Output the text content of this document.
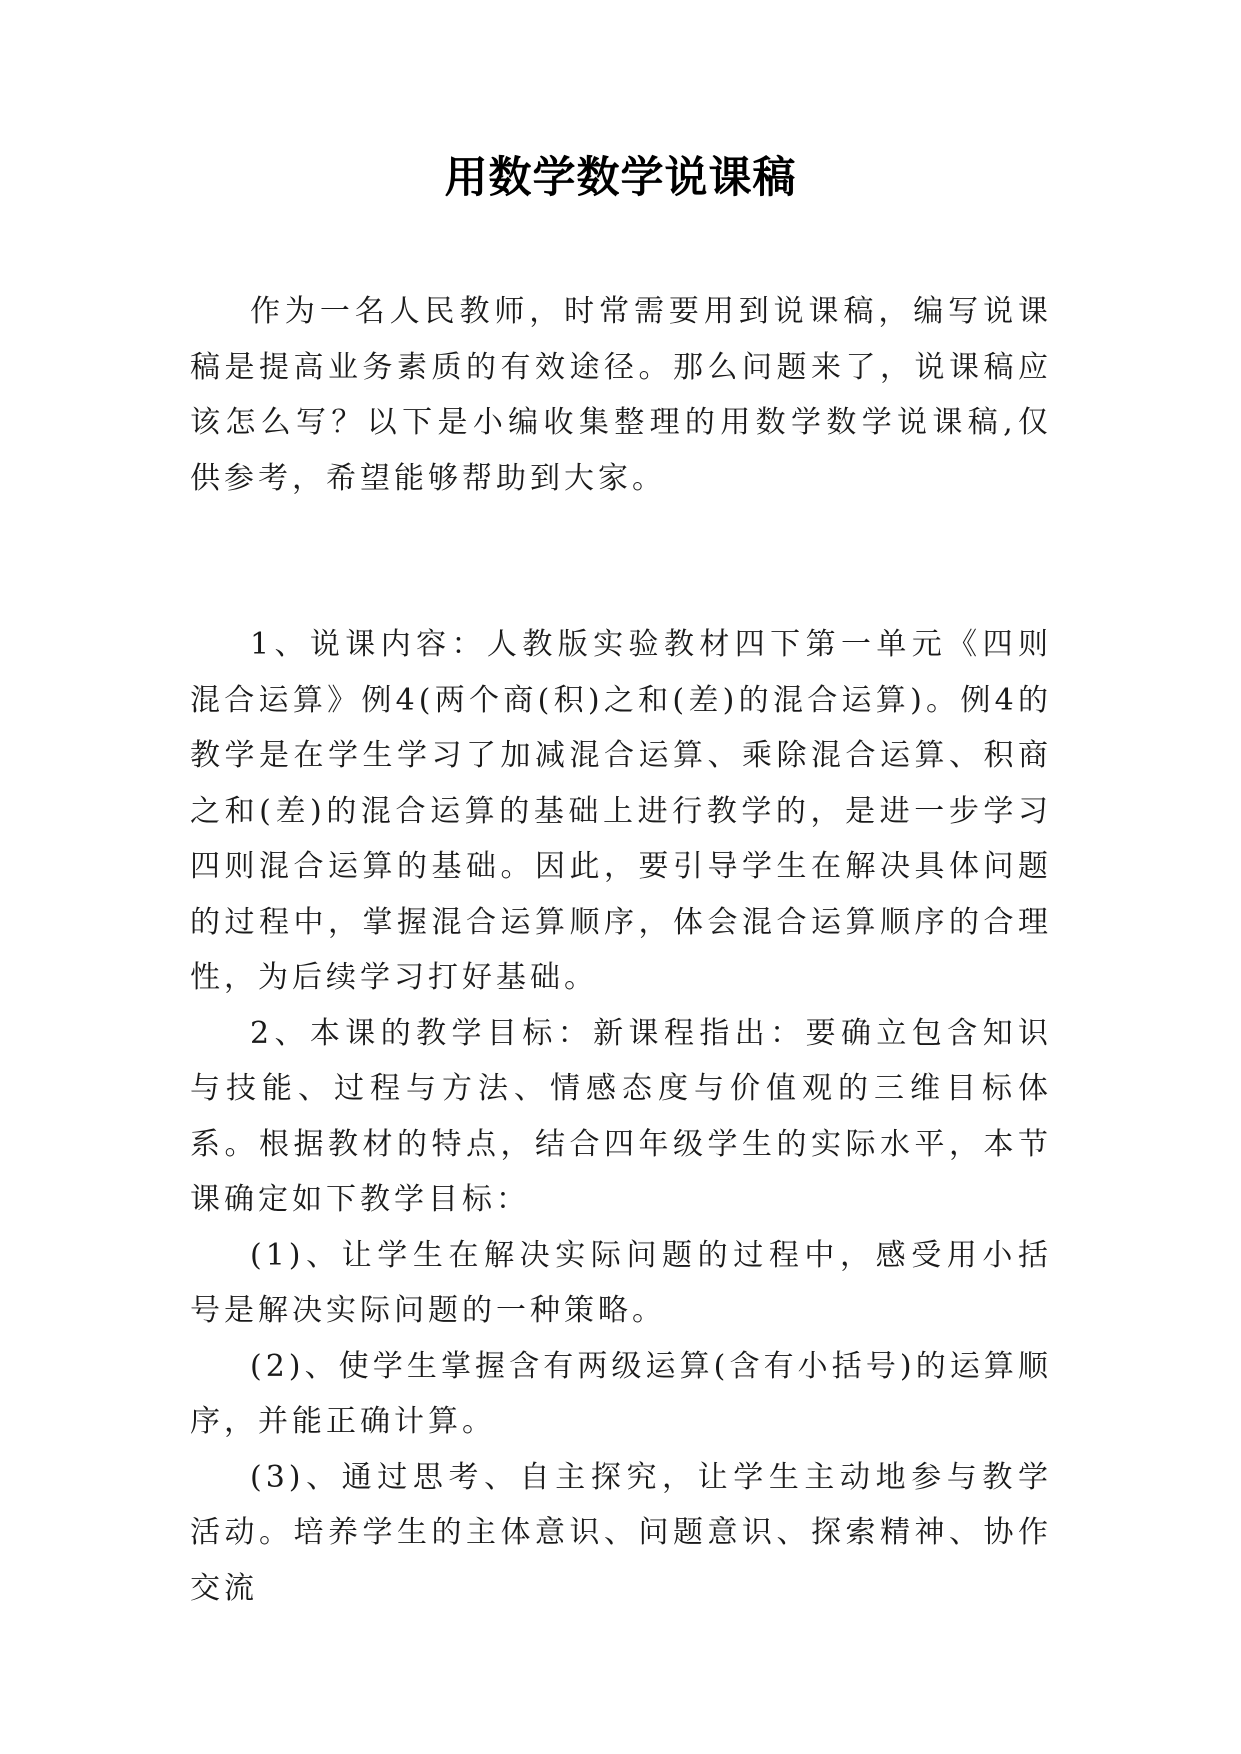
用数学数学说课稿

作为一名人民教师，时常需要用到说课稿，编写说课稿是提高业务素质的有效途径。那么问题来了，说课稿应该怎么写？以下是小编收集整理的用数学数学说课稿,仅供参考，希望能够帮助到大家。

1、说课内容：人教版实验教材四下第一单元《四则混合运算》例4(两个商(积)之和(差)的混合运算)。例4的教学是在学生学习了加减混合运算、乘除混合运算、积商之和(差)的混合运算的基础上进行教学的，是进一步学习四则混合运算的基础。因此，要引导学生在解决具体问题的过程中，掌握混合运算顺序，体会混合运算顺序的合理性，为后续学习打好基础。

2、本课的教学目标：新课程指出：要确立包含知识与技能、过程与方法、情感态度与价值观的三维目标体系。根据教材的特点，结合四年级学生的实际水平，本节课确定如下教学目标：

(1)、让学生在解决实际问题的过程中，感受用小括号是解决实际问题的一种策略。

(2)、使学生掌握含有两级运算(含有小括号)的运算顺序，并能正确计算。

(3)、通过思考、自主探究，让学生主动地参与教学活动。培养学生的主体意识、问题意识、探索精神、协作交流
